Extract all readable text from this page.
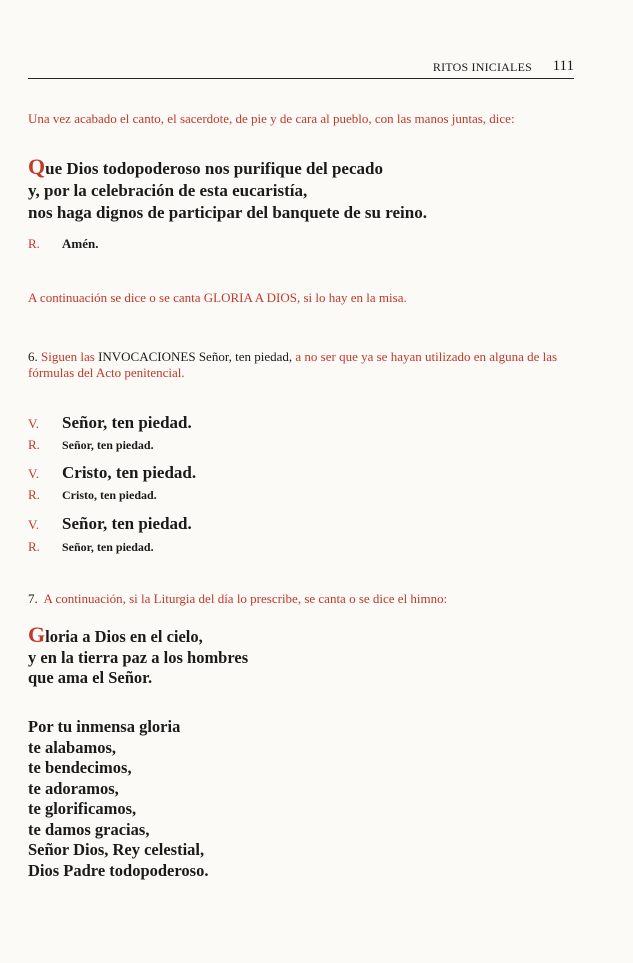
RITOS INICIALES 111
Una vez acabado el canto, el sacerdote, de pie y de cara al pueblo, con las manos juntas, dice:
Que Dios todopoderoso nos purifique del pecado
y, por la celebración de esta eucaristía,
nos haga dignos de participar del banquete de su reino.
R. Amén.
A continuación se dice o se canta GLORIA A DIOS, si lo hay en la misa.
6. Siguen las INVOCACIONES Señor, ten piedad, a no ser que ya se hayan utilizado en alguna de las fórmulas del Acto penitencial.
V. Señor, ten piedad.
R. Señor, ten piedad.
V. Cristo, ten piedad.
R. Cristo, ten piedad.
V. Señor, ten piedad.
R. Señor, ten piedad.
7. A continuación, si la Liturgia del día lo prescribe, se canta o se dice el himno:
Gloria a Dios en el cielo,
y en la tierra paz a los hombres
que ama el Señor.
Por tu inmensa gloria
te alabamos,
te bendecimos,
te adoramos,
te glorificamos,
te damos gracias,
Señor Dios, Rey celestial,
Dios Padre todopoderoso.
